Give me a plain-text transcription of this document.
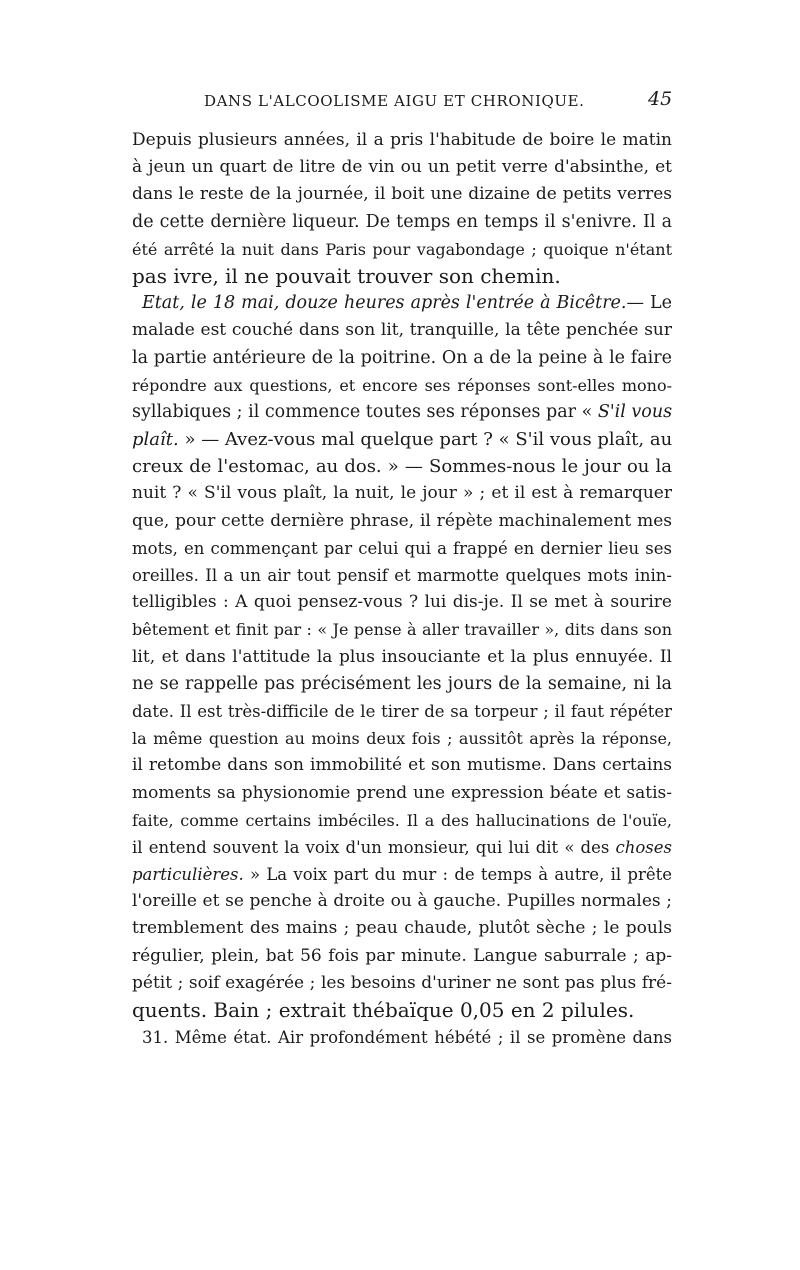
DANS L'ALCOOLISME AIGU ET CHRONIQUE.	45
Depuis plusieurs années, il a pris l'habitude de boire le matin
à jeun un quart de litre de vin ou un petit verre d'absinthe, et
dans le reste de la journée, il boit une dizaine de petits verres
de cette dernière liqueur. De temps en temps il s'enivre. Il a
été arrêté la nuit dans Paris pour vagabondage ; quoique n'étant
pas ivre, il ne pouvait trouver son chemin.
Etat, le 18 mai, douze heures après l'entrée à Bicêtre.— Le
malade est couché dans son lit, tranquille, la tête penchée sur
la partie antérieure de la poitrine. On a de la peine à le faire
répondre aux questions, et encore ses réponses sont-elles mono-
syllabiques ; il commence toutes ses réponses par « S'il vous
plaît. » — Avez-vous mal quelque part ? « S'il vous plaît, au
creux de l'estomac, au dos. » — Sommes-nous le jour ou la
nuit ? « S'il vous plaît, la nuit, le jour » ; et il est à remarquer
que, pour cette dernière phrase, il répète machinalement mes
mots, en commençant par celui qui a frappé en dernier lieu ses
oreilles. Il a un air tout pensif et marmotte quelques mots inin-
telligibles : A quoi pensez-vous ? lui dis-je. Il se met à sourire
bêtement et finit par : « Je pense à aller travailler », dits dans son
lit, et dans l'attitude la plus insouciante et la plus ennuyée. Il
ne se rappelle pas précisément les jours de la semaine, ni la
date. Il est très-difficile de le tirer de sa torpeur ; il faut répéter
la même question au moins deux fois ; aussitôt après la réponse,
il retombe dans son immobilité et son mutisme. Dans certains
moments sa physionomie prend une expression béate et satis-
faite, comme certains imbéciles. Il a des hallucinations de l'ouïe,
il entend souvent la voix d'un monsieur, qui lui dit « des choses
particulières. » La voix part du mur : de temps à autre, il prête
l'oreille et se penche à droite ou à gauche. Pupilles normales ;
tremblement des mains ; peau chaude, plutôt sèche ; le pouls
régulier, plein, bat 56 fois par minute. Langue saburrale ; ap-
pétit ; soif exagérée ; les besoins d'uriner ne sont pas plus fré-
quents. Bain ; extrait thébaïque 0,05 en 2 pilules.
31. Même état. Air profondément hébété ; il se promène dans
